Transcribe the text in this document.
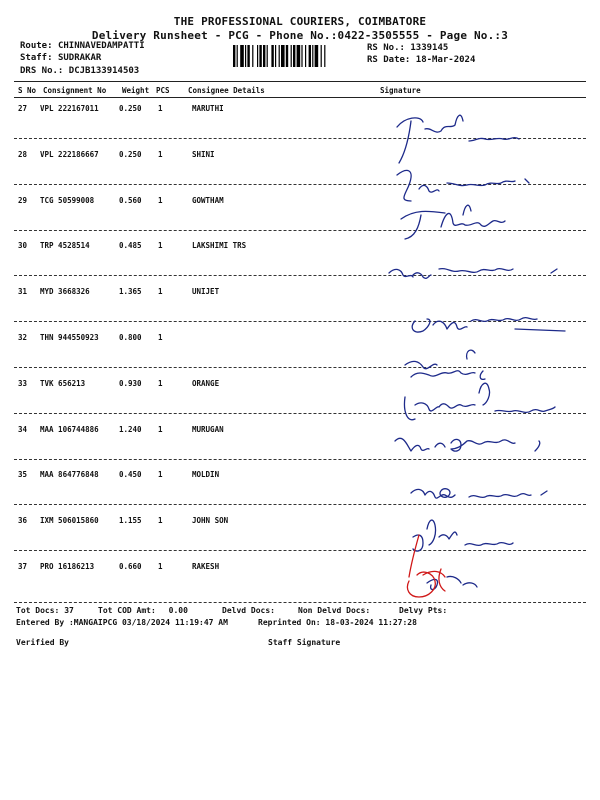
THE PROFESSIONAL COURIERS, COIMBATORE
Delivery Runsheet - PCG - Phone No.:0422-3505555 - Page No.:3
Route: CHINNAVEDAMPATTI
Staff: SUDRAKAR
DRS No.: DCJB133914503
RS No.: 1339145
RS Date: 18-Mar-2024
S No Consignment No Weight PCS Consignee Details	Signature
27 VPL 222167011	0.250 1	MARUTHI
28 VPL 222186667	0.250 1	SHINI
29 TCG 50599008	0.560 1	GOWTHAM
30 TRP 4528514	0.485 1	LAKSHIMI TRS
31 MYD 3668326	1.365 1	UNIJET
32 THN 944550923	0.800 1
33 TVK 656213	0.930 1	ORANGE
34 MAA 106744886	1.240 1	MURUGAN
35 MAA 864776848	0.450 1	MOLDIN
36 IXM 506015860	1.155 1	JOHN SON
37 PRO 16186213	0.660 1	RAKESH
Tot Docs: 37	Tot COD Amt: 0.00	Delvd Docs:	Non Delvd Docs:	Delvy Pts:
Entered By :MANGAIPCG 03/18/2024 11:19:47 AM	Reprinted On: 18-03-2024 11:27:28
Verified By	Staff Signature
